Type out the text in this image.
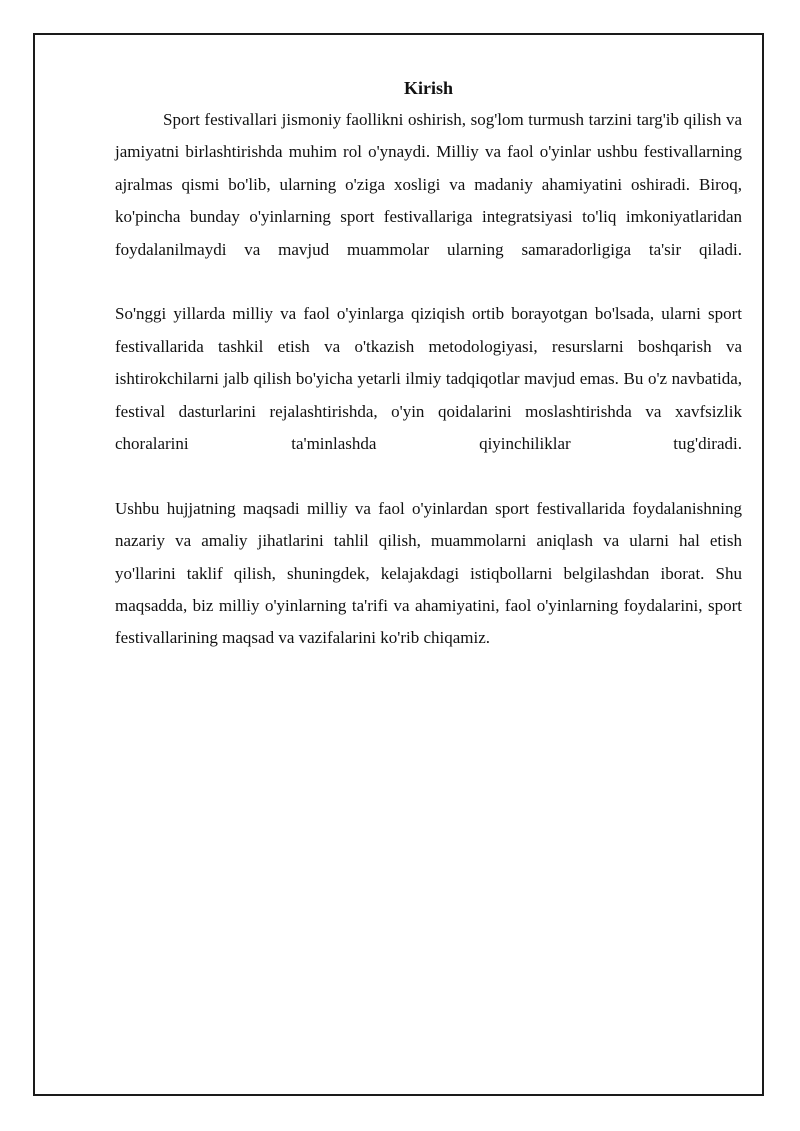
Kirish

Sport festivallari jismoniy faollikni oshirish, sog'lom turmush tarzini targ'ib qilish va jamiyatni birlashtirishda muhim rol o'ynaydi. Milliy va faol o'yinlar ushbu festivallarning ajralmas qismi bo'lib, ularning o'ziga xosligi va madaniy ahamiyatini oshiradi. Biroq, ko'pincha bunday o'yinlarning sport festivallariga integratsiyasi to'liq imkoniyatlaridan foydalanilmaydi va mavjud muammolar ularning samaradorligiga ta'sir qiladi.

So'nggi yillarda milliy va faol o'yinlarga qiziqish ortib borayotgan bo'lsada, ularni sport festivallarida tashkil etish va o'tkazish metodologiyasi, resurslarni boshqarish va ishtirokchilarni jalb qilish bo'yicha yetarli ilmiy tadqiqotlar mavjud emas. Bu o'z navbatida, festival dasturlarini rejalashtirishda, o'yin qoidalarini moslashtirishda va xavfsizlik choralarini ta'minlashda qiyinchiliklar tug'diradi.

Ushbu hujjatning maqsadi milliy va faol o'yinlardan sport festivallarida foydalanishning nazariy va amaliy jihatlarini tahlil qilish, muammolarni aniqlash va ularni hal etish yo'llarini taklif qilish, shuningdek, kelajakdagi istiqbollarni belgilashdan iborat. Shu maqsadda, biz milliy o'yinlarning ta'rifi va ahamiyatini, faol o'yinlarning foydalarini, sport festivallarining maqsad va vazifalarini ko'rib chiqamiz.
